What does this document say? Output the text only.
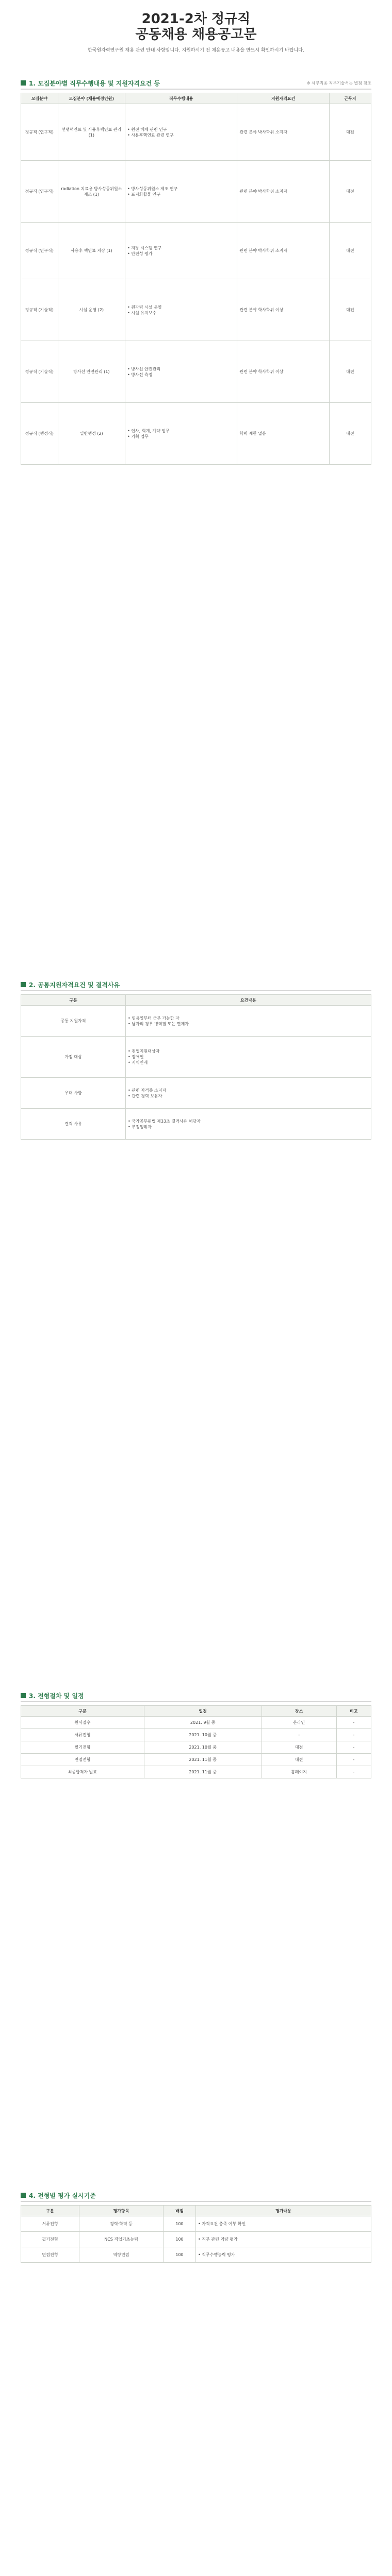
2021-2차 정규직

공동채용 채용공고문

한국원자력연구원 채용 관련 안내 사항입니다. 지원하시기 전 채용공고 내용을 반드시 확인하시기 바랍니다.
1. 모집분야별 직무수행내용 및 지원자격요건 등	※ 세부직종 직무기술서는 별첨 참조
모집분야	모집분야 (채용예정인원)	직무수행내용	지원자격요건	근무지
정규직 (연구직)	선행핵연료 및 사용후핵연료 관리 (1)	• 원전 해체 관련 연구
• 사용후핵연료 관련 연구	관련 분야 박사학위 소지자	대전
정규직 (연구직)	radiation 치료용 방사성동위원소 제조 (1)	• 방사성동위원소 제조 연구
• 표지화합물 연구	관련 분야 박사학위 소지자	대전
정규직 (연구직)	사용후 핵연료 저장 (1)	• 저장 시스템 연구
• 안전성 평가	관련 분야 박사학위 소지자	대전
정규직 (기술직)	시설 운영 (2)	• 원자력 시설 운영
• 시설 유지보수	관련 분야 학사학위 이상	대전
정규직 (기술직)	방사선 안전관리 (1)	• 방사선 안전관리
• 방사선 측정	관련 분야 학사학위 이상	대전
정규직 (행정직)	일반행정 (2)	• 인사, 회계, 계약 업무
• 기획 업무	학력 제한 없음	대전
2. 공통지원자격요건 및 결격사유
구분	요건내용
공통 지원자격	• 임용일부터 근무 가능한 자
• 남자의 경우 병역필 또는 면제자
가점 대상	• 취업지원대상자
• 장애인
• 지역인재
우대 사항	• 관련 자격증 소지자
• 관련 경력 보유자
결격 사유	• 국가공무원법 제33조 결격사유 해당자
• 부정행위자
3. 전형절차 및 일정
구분	일정	장소	비고
원서접수	2021. 9월 중	온라인	-
서류전형	2021. 10월 중	-	-
필기전형	2021. 10월 중	대전	-
면접전형	2021. 11월 중	대전	-
최종합격자 발표	2021. 11월 중	홈페이지	-
4. 전형별 평가 실시기준
구분	평가항목	배점	평가내용
서류전형	경력·학력 등	100	• 자격요건 충족 여부 확인
필기전형	NCS 직업기초능력	100	• 직무 관련 역량 평가
면접전형	역량면접	100	• 직무수행능력 평가
